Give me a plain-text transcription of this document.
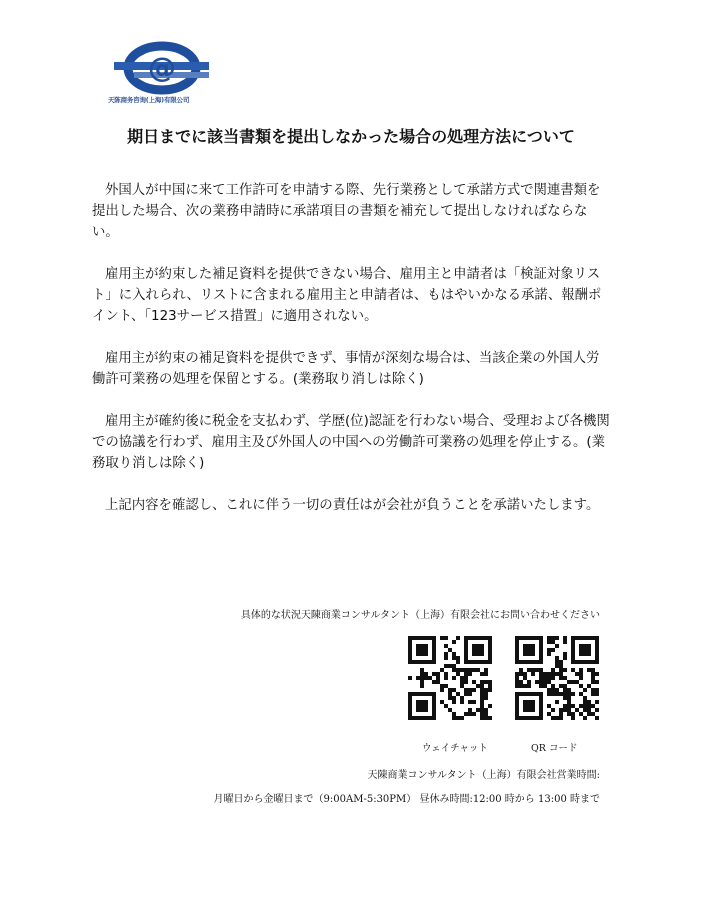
@
天陈商务咨询(上海)有限公司
期日までに該当書類を提出しなかった場合の処理方法について

外国人が中国に来て工作許可を申請する際、先行業務として承諾方式で関連書類を提出した場合、次の業務申請時に承諾項目の書類を補充して提出しなければならない。

雇用主が約束した補足資料を提供できない場合、雇用主と申請者は「検証対象リスト」に入れられ、リストに含まれる雇用主と申請者は、もはやいかなる承諾、報酬ポイント、「123サービス措置」に適用されない。

雇用主が約束の補足資料を提供できず、事情が深刻な場合は、当該企業の外国人労働許可業務の処理を保留とする。(業務取り消しは除く)

雇用主が確約後に税金を支払わず、学歴(位)認証を行わない場合、受理および各機関での協議を行わず、雇用主及び外国人の中国への労働許可業務の処理を停止する。(業務取り消しは除く)

上記内容を確認し、これに伴う一切の責任はが会社が負うことを承諾いたします。

具体的な状況天陳商業コンサルタント（上海）有限会社にお問い合わせください
ウェイチャット	QR コード
天陳商業コンサルタント（上海）有限会社営業時間:
月曜日から金曜日まで（9:00AM-5:30PM） 昼休み時間:12:00 時から 13:00 時まで
